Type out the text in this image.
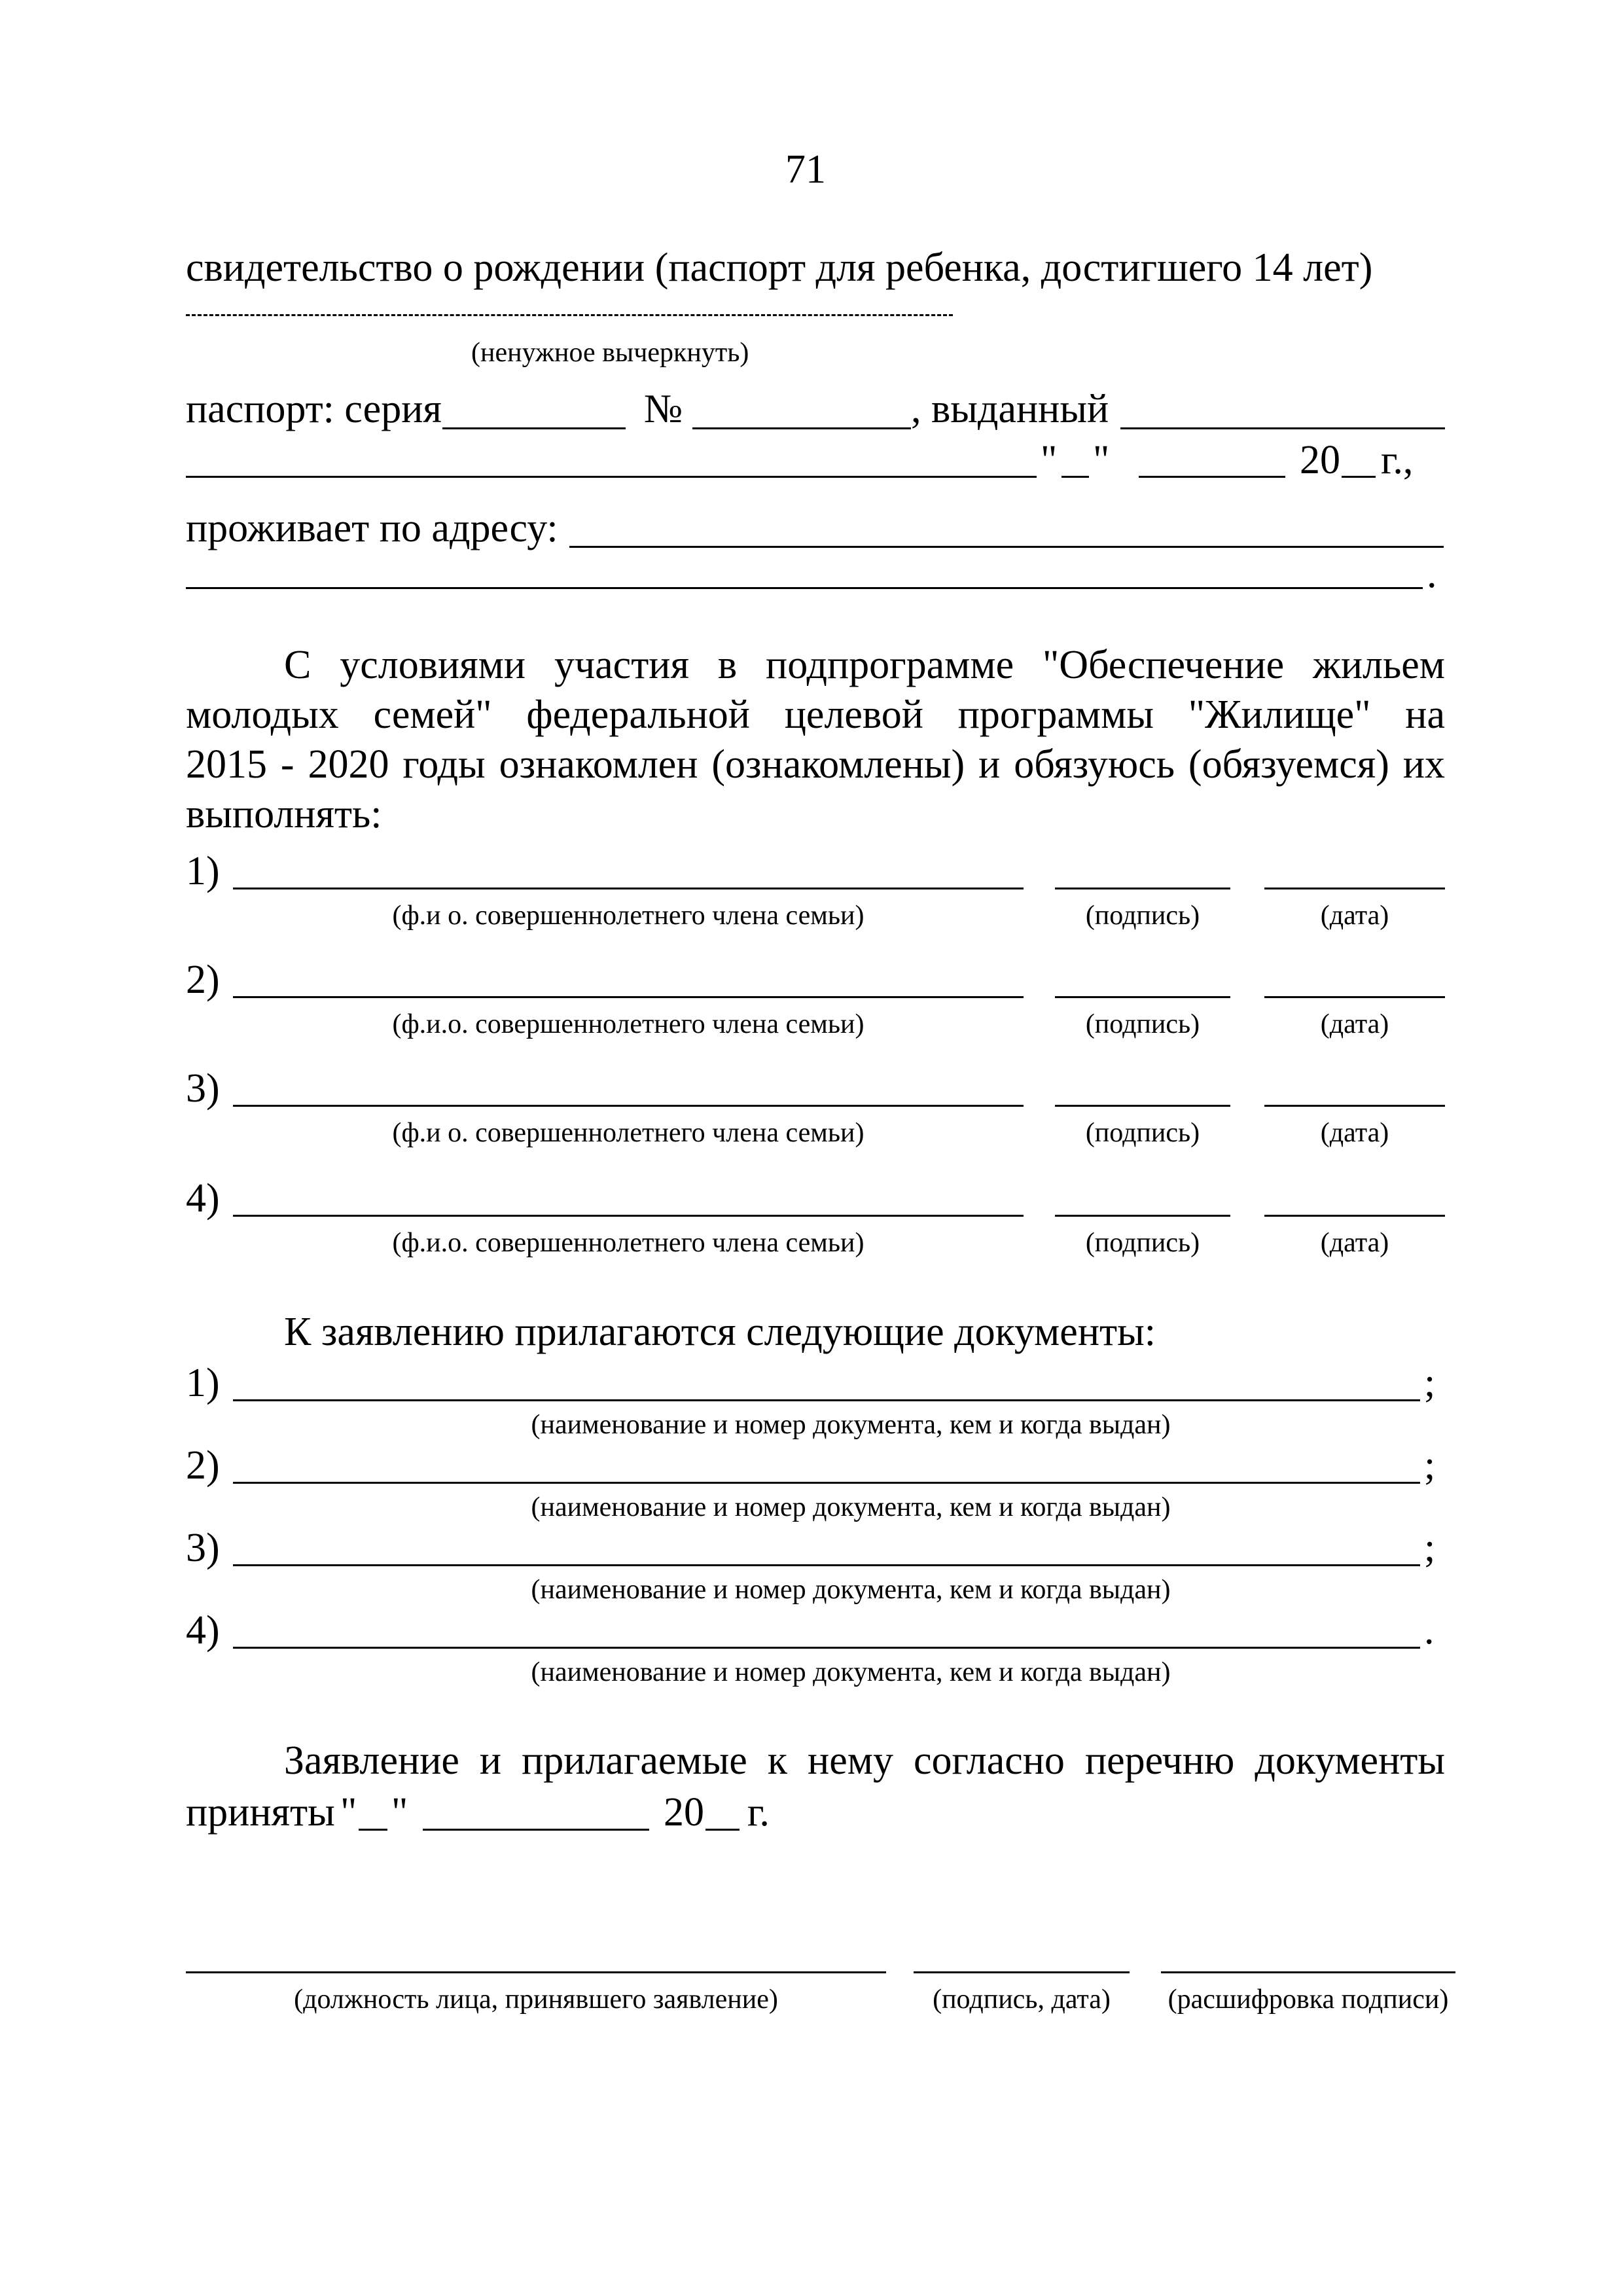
71
свидетельство о рождении (паспорт для ребенка, достигшего 14 лет)
(ненужное вычеркнуть)
паспорт: серия	№	, выданный
" "	20 г.,
проживает по адресу:
.
С условиями участия в подпрограмме "Обеспечение жильем
молодых семей" федеральной целевой программы "Жилище" на
2015 - 2020 годы ознакомлен (ознакомлены) и обязуюсь (обязуемся) их
выполнять:
1)
(ф.и о. совершеннолетнего члена семьи)	(подпись)	(дата)
2)
(ф.и.о. совершеннолетнего члена семьи)	(подпись)	(дата)
3)
(ф.и о. совершеннолетнего члена семьи)	(подпись)	(дата)
4)
(ф.и.о. совершеннолетнего члена семьи)	(подпись)	(дата)
К заявлению прилагаются следующие документы:
1)	;
(наименование и номер документа, кем и когда выдан)
2)	;
(наименование и номер документа, кем и когда выдан)
3)	;
(наименование и номер документа, кем и когда выдан)
4)	.
(наименование и номер документа, кем и когда выдан)
Заявление и прилагаемые к нему согласно перечню документы
приняты " "	20 г.
(должность лица, принявшего заявление)	(подпись, дата)	(расшифровка подписи)
